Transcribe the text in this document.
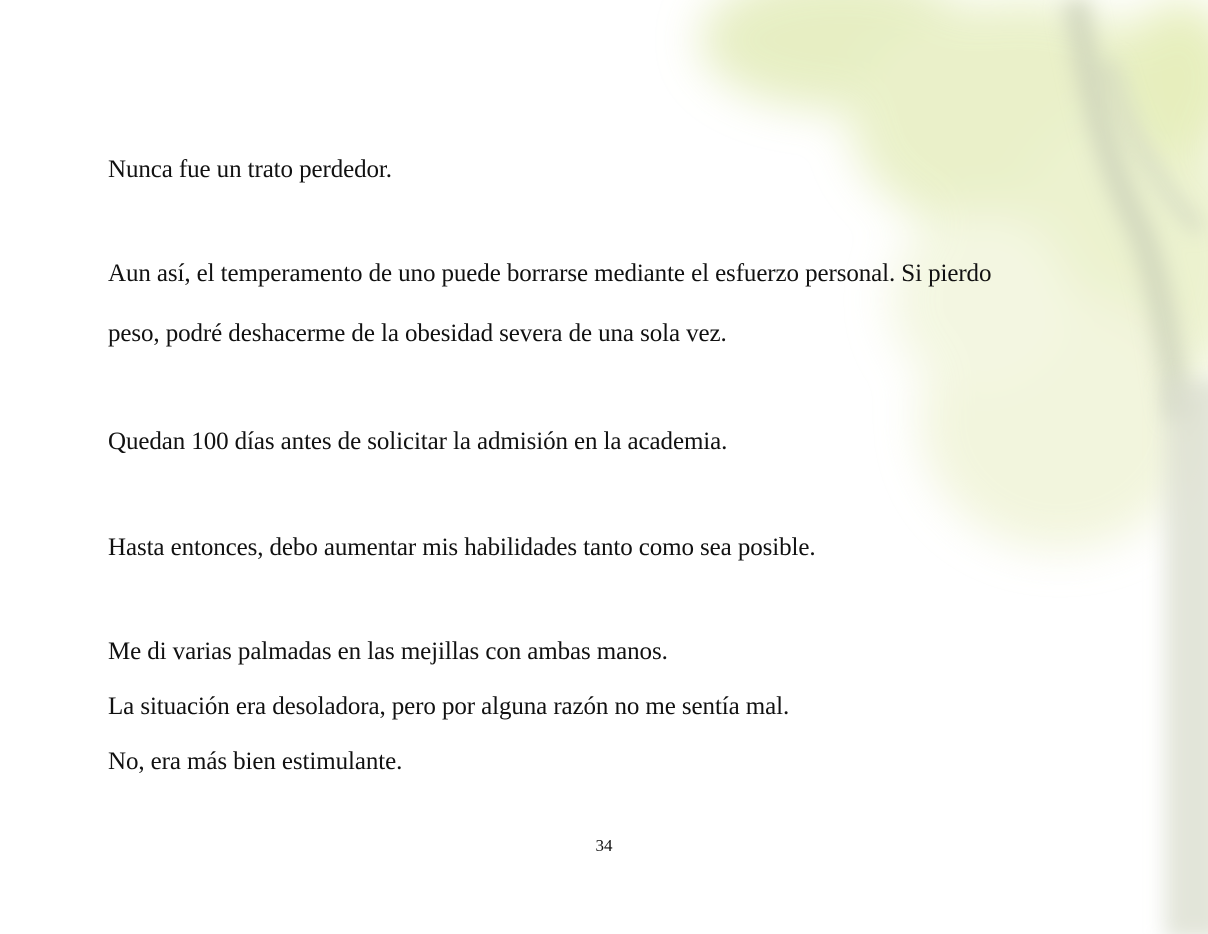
Nunca fue un trato perdedor.

Aun así, el temperamento de uno puede borrarse mediante el esfuerzo personal. Si pierdo

peso, podré deshacerme de la obesidad severa de una sola vez.

Quedan 100 días antes de solicitar la admisión en la academia.

Hasta entonces, debo aumentar mis habilidades tanto como sea posible.

Me di varias palmadas en las mejillas con ambas manos.

La situación era desoladora, pero por alguna razón no me sentía mal.

No, era más bien estimulante.

34
